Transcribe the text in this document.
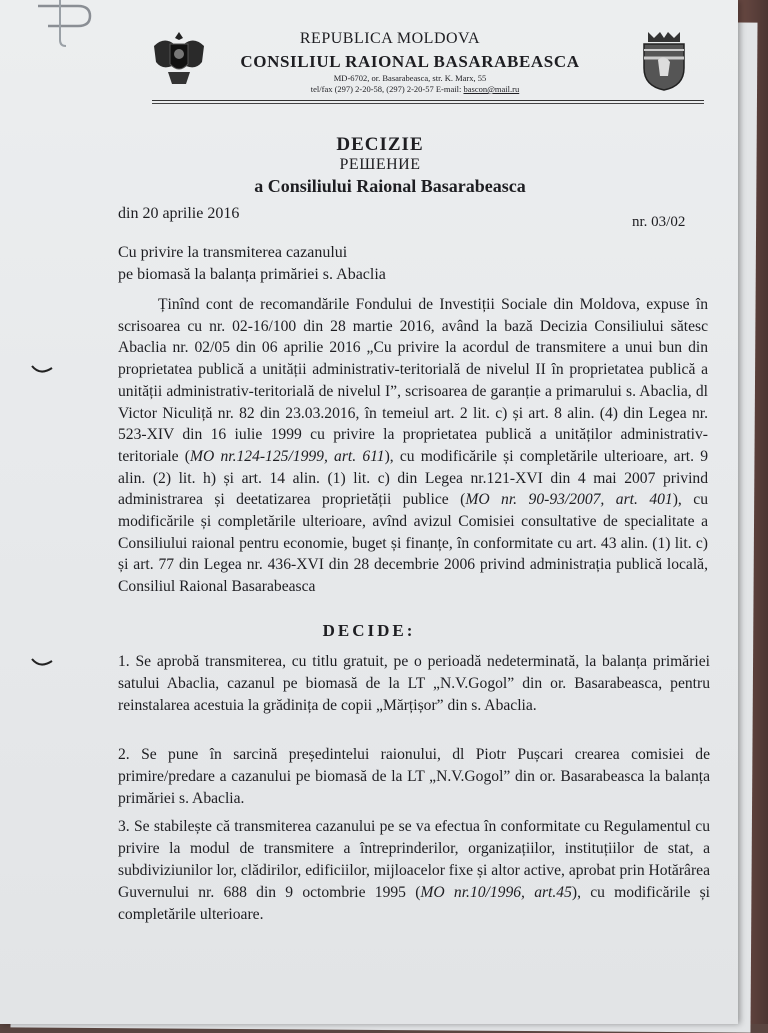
REPUBLICA MOLDOVA
CONSILIUL RAIONAL BASARABEASCA
MD-6702, or. Basarabeasca, str. K. Marx, 55
tel/fax (297) 2-20-58, (297) 2-20-57 E-mail: bascon@mail.ru
DECIZIE
РЕШЕНИЕ
a Consiliului Raional Basarabeasca
din 20 aprilie 2016	nr. 03/02
Cu privire la transmiterea cazanului
pe biomasă la balanța primăriei s. Abaclia
Ținînd cont de recomandările Fondului de Investiții Sociale din Moldova, expuse în scrisoarea cu nr. 02-16/100 din 28 martie 2016, având la bază Decizia Consiliului sătesc Abaclia nr. 02/05 din 06 aprilie 2016 „Cu privire la acordul de transmitere a unui bun din proprietatea publică a unității administrativ-teritorială de nivelul II în proprietatea publică a unității administrativ-teritorială de nivelul I”, scrisoarea de garanție a primarului s. Abaclia, dl Victor Niculiță nr. 82 din 23.03.2016, în temeiul art. 2 lit. c) și art. 8 alin. (4) din Legea nr. 523-XIV din 16 iulie 1999 cu privire la proprietatea publică a unităților administrativ-teritoriale (MO nr.124-125/1999, art. 611), cu modificările și completările ulterioare, art. 9 alin. (2) lit. h) și art. 14 alin. (1) lit. c) din Legea nr.121-XVI din 4 mai 2007 privind administrarea și deetatizarea proprietății publice (MO nr. 90-93/2007, art. 401), cu modificările și completările ulterioare, avînd avizul Comisiei consultative de specialitate a Consiliului raional pentru economie, buget și finanțe, în conformitate cu art. 43 alin. (1) lit. c) și art. 77 din Legea nr. 436-XVI din 28 decembrie 2006 privind administrația publică locală, Consiliul Raional Basarabeasca
DECIDE:
1. Se aprobă transmiterea, cu titlu gratuit, pe o perioadă nedeterminată, la balanța primăriei satului Abaclia, cazanul pe biomasă de la LT „N.V.Gogol” din or. Basarabeasca, pentru reinstalarea acestuia la grădinița de copii „Mărțișor” din s. Abaclia.
2. Se pune în sarcină președintelui raionului, dl Piotr Pușcari crearea comisiei de primire/predare a cazanului pe biomasă de la LT „N.V.Gogol” din or. Basarabeasca la balanța primăriei s. Abaclia.
3. Se stabilește că transmiterea cazanului pe se va efectua în conformitate cu Regulamentul cu privire la modul de transmitere a întreprinderilor, organizațiilor, instituțiilor de stat, a subdiviziunilor lor, clădirilor, edificiilor, mijloacelor fixe și altor active, aprobat prin Hotărârea Guvernului nr. 688 din 9 octombrie 1995 (MO nr.10/1996, art.45), cu modificările și completările ulterioare.
